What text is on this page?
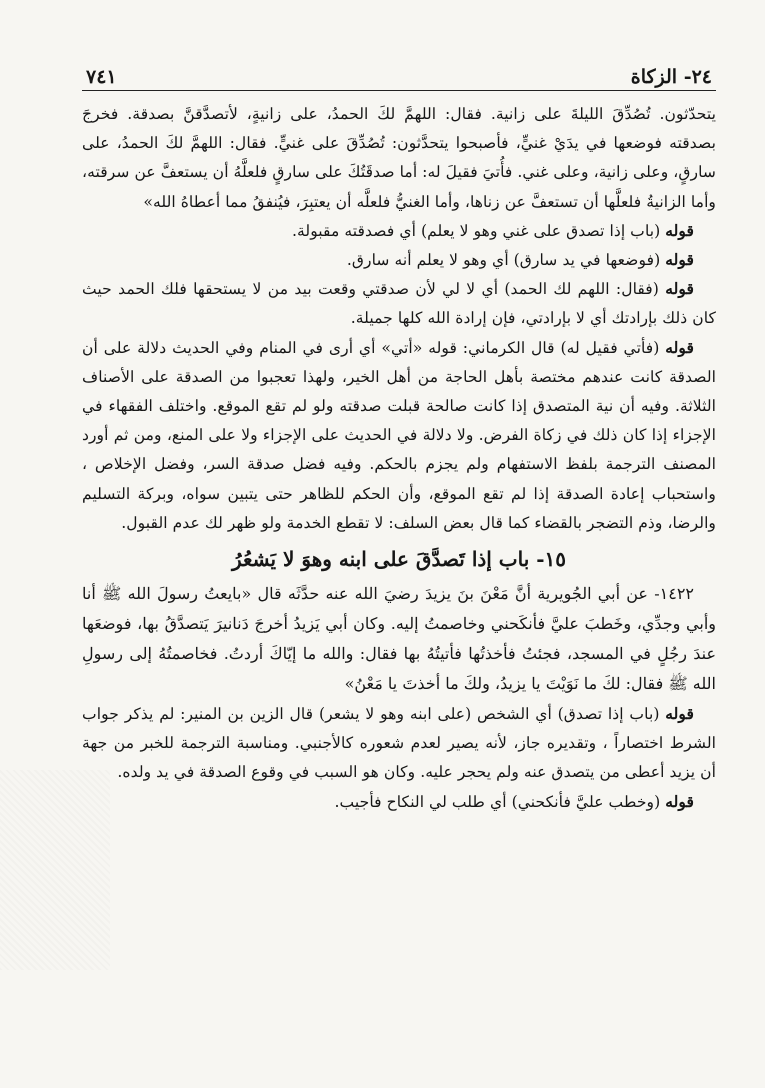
٢٤- الزكاة
٧٤١

يتحدّثون. تُصُدِّقَ الليلةَ على زانية. فقال: اللهمَّ لكَ الحمدُ، على زانيةٍ، لأتصدَّقنَّ بصدقة. فخرجَ بصدقته فوضعها في يدَيْ غنيٍّ، فأصبحوا يتحدَّثون: تُصُدِّقَ على غنيٍّ. فقال: اللهمَّ لكَ الحمدُ، على سارقٍ، وعلى زانية، وعلى غني. فأُتيَ فقيلَ له: أما صدقَتُكَ على سارقٍ فلعلَّهُ أن يستعفَّ عن سرقته، وأما الزانيةُ فلعلَّها أن تستعفَّ عن زناها، وأما الغنيُّ فلعلَّه أن يعتبِرَ، فيُنفقُ مما أعطاهُ الله»

قوله (باب إذا تصدق على غني وهو لا يعلم) أي فصدقته مقبولة.

قوله (فوضعها في يد سارق) أي وهو لا يعلم أنه سارق.

قوله (فقال: اللهم لك الحمد) أي لا لي لأن صدقتي وقعت بيد من لا يستحقها فلك الحمد حيث كان ذلك بإرادتك أي لا بإرادتي، فإن إرادة الله كلها جميلة.

قوله (فأتي فقيل له) قال الكرماني: قوله «أتي» أي أرى في المنام وفي الحديث دلالة على أن الصدقة كانت عندهم مختصة بأهل الحاجة من أهل الخير، ولهذا تعجبوا من الصدقة على الأصناف الثلاثة. وفيه أن نية المتصدق إذا كانت صالحة قبلت صدقته ولو لم تقع الموقع. واختلف الفقهاء في الإجزاء إذا كان ذلك في زكاة الفرض. ولا دلالة في الحديث على الإجزاء ولا على المنع، ومن ثم أورد المصنف الترجمة بلفظ الاستفهام ولم يجزم بالحكم. وفيه فضل صدقة السر، وفضل الإخلاص ، واستحباب إعادة الصدقة إذا لم تقع الموقع، وأن الحكم للظاهر حتى يتبين سواه، وبركة التسليم والرضا، وذم التضجر بالقضاء كما قال بعض السلف: لا تقطع الخدمة ولو ظهر لك عدم القبول.

١٥- باب إذا تَصدَّقَ على ابنه وهوَ لا يَشعُرُ

١٤٢٢- عن أبي الجُويرية أنَّ مَعْنَ بنَ يزيدَ رضيَ الله عنه حدَّثَه قال «بايعتُ رسولَ الله ﷺ أنا وأبي وجدِّي، وخَطبَ عليَّ فأنكَحني وخاصمتُ إليه. وكان أبي يَزيدُ أخرجَ دَنانيرَ يَتصدَّقُ بها، فوضعَها عندَ رجُلٍ في المسجد، فجئتُ فأخذتُها فأتيتُهُ بها فقال: والله ما إيّاكَ أردتُ. فخاصمتُهُ إلى رسولِ الله ﷺ فقال: لكَ ما نَوَيْتَ يا يزيدُ، ولكَ ما أخذتَ يا مَعْنُ»

قوله (باب إذا تصدق) أي الشخص (على ابنه وهو لا يشعر) قال الزين بن المنير: لم يذكر جواب الشرط اختصاراً ، وتقديره جاز، لأنه يصير لعدم شعوره كالأجنبي. ومناسبة الترجمة للخبر من جهة أن يزيد أعطى من يتصدق عنه ولم يحجر عليه. وكان هو السبب في وقوع الصدقة في يد ولده.

قوله (وخطب عليَّ فأنكحني) أي طلب لي النكاح فأجيب.
